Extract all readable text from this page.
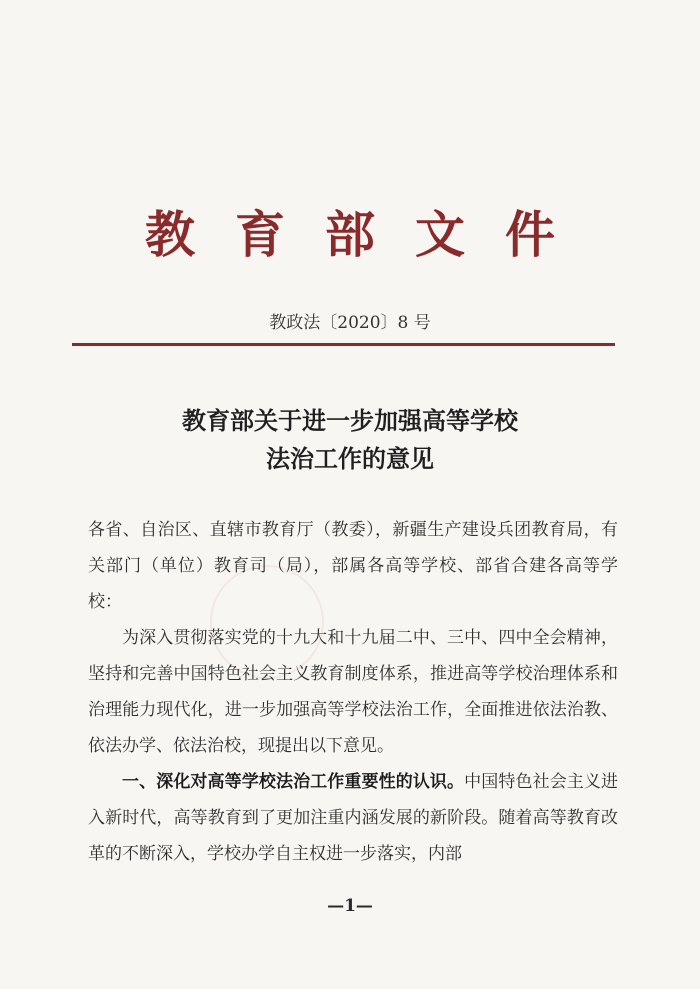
教育部文件
教政法〔2020〕8 号
教育部关于进一步加强高等学校
法治工作的意见
各省、自治区、直辖市教育厅（教委），新疆生产建设兵团教育局，有关部门（单位）教育司（局），部属各高等学校、部省合建各高等学校：
为深入贯彻落实党的十九大和十九届二中、三中、四中全会精神，坚持和完善中国特色社会主义教育制度体系，推进高等学校治理体系和治理能力现代化，进一步加强高等学校法治工作，全面推进依法治教、依法办学、依法治校，现提出以下意见。
一、深化对高等学校法治工作重要性的认识。中国特色社会主义进入新时代，高等教育到了更加注重内涵发展的新阶段。随着高等教育改革的不断深入，学校办学自主权进一步落实，内部
—1—
